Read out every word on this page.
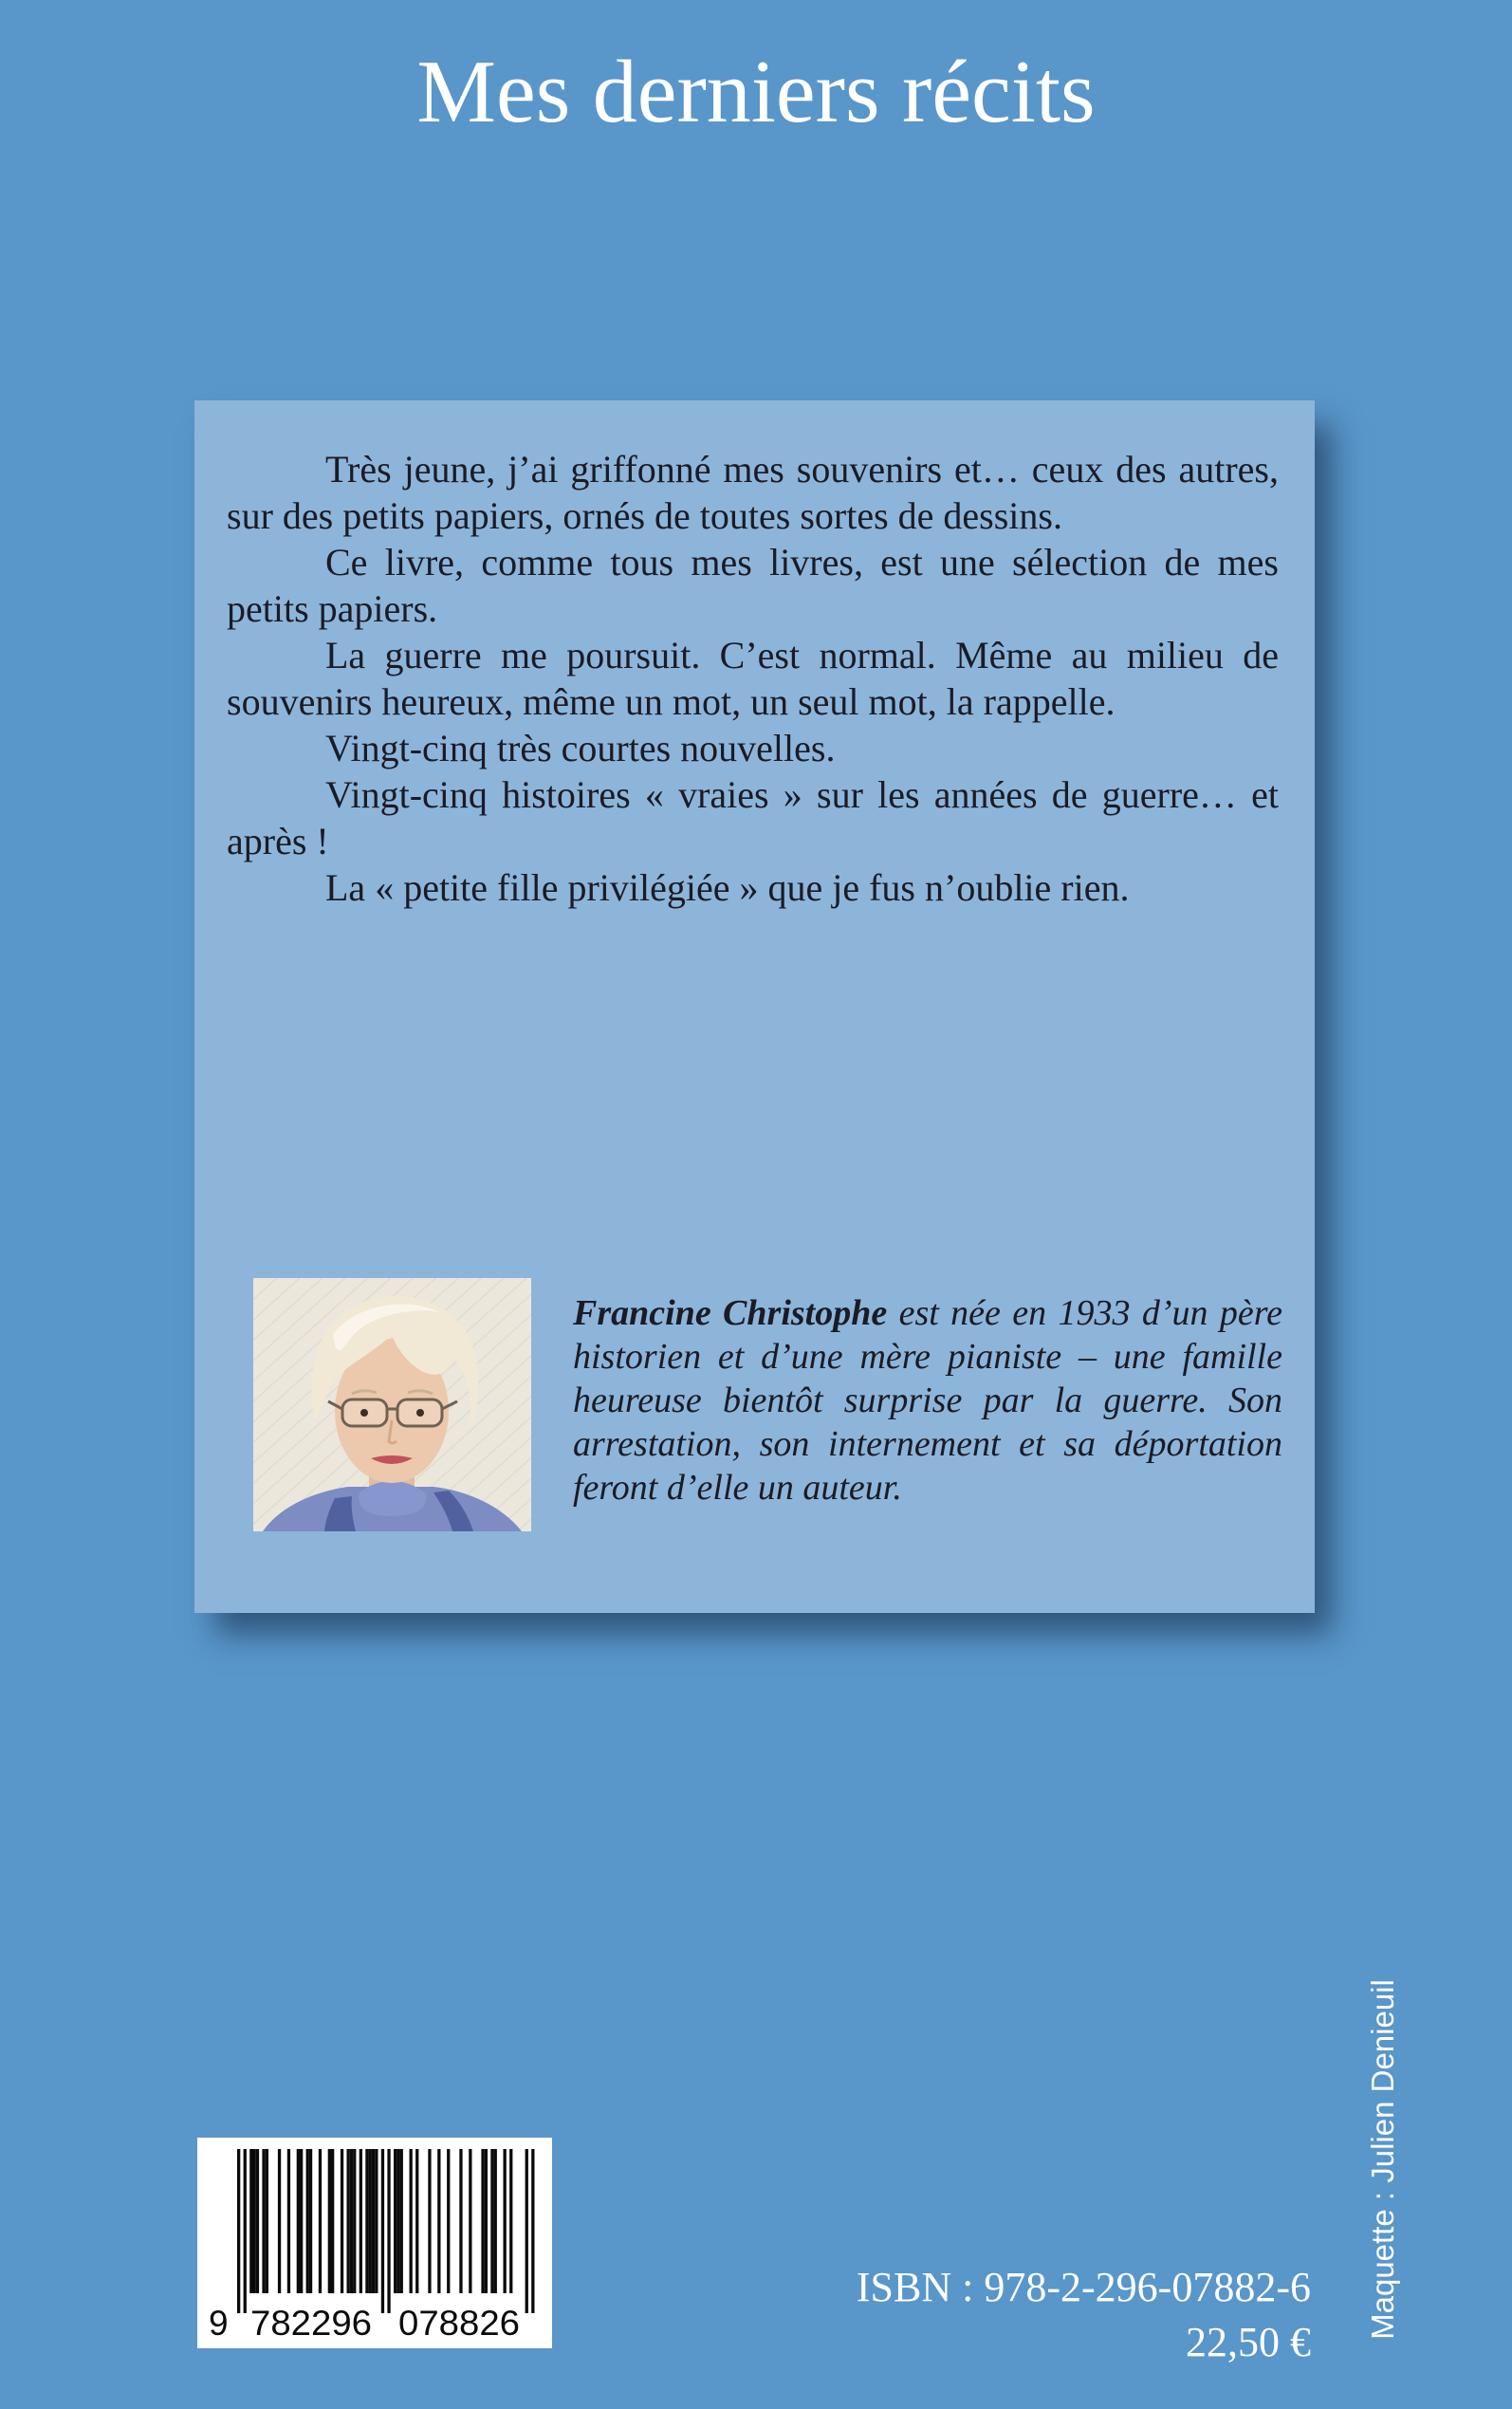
Mes derniers récits

Très jeune, j’ai griffonné mes souvenirs et… ceux des autres, sur des petits papiers, ornés de toutes sortes de dessins.

Ce livre, comme tous mes livres, est une sélection de mes petits papiers.

La guerre me poursuit. C’est normal. Même au milieu de souvenirs heureux, même un mot, un seul mot, la rappelle.

Vingt-cinq très courtes nouvelles.

Vingt-cinq histoires « vraies » sur les années de guerre… et après !

La « petite fille privilégiée » que je fus n’oublie rien.

Francine Christophe est née en 1933 d’un père historien et d’une mère pianiste – une famille heureuse bientôt surprise par la guerre. Son arrestation, son internement et sa déportation feront d’elle un auteur.

9 782296 078826
ISBN : 978-2-296-07882-6
22,50 €
Maquette : Julien Denieuil
